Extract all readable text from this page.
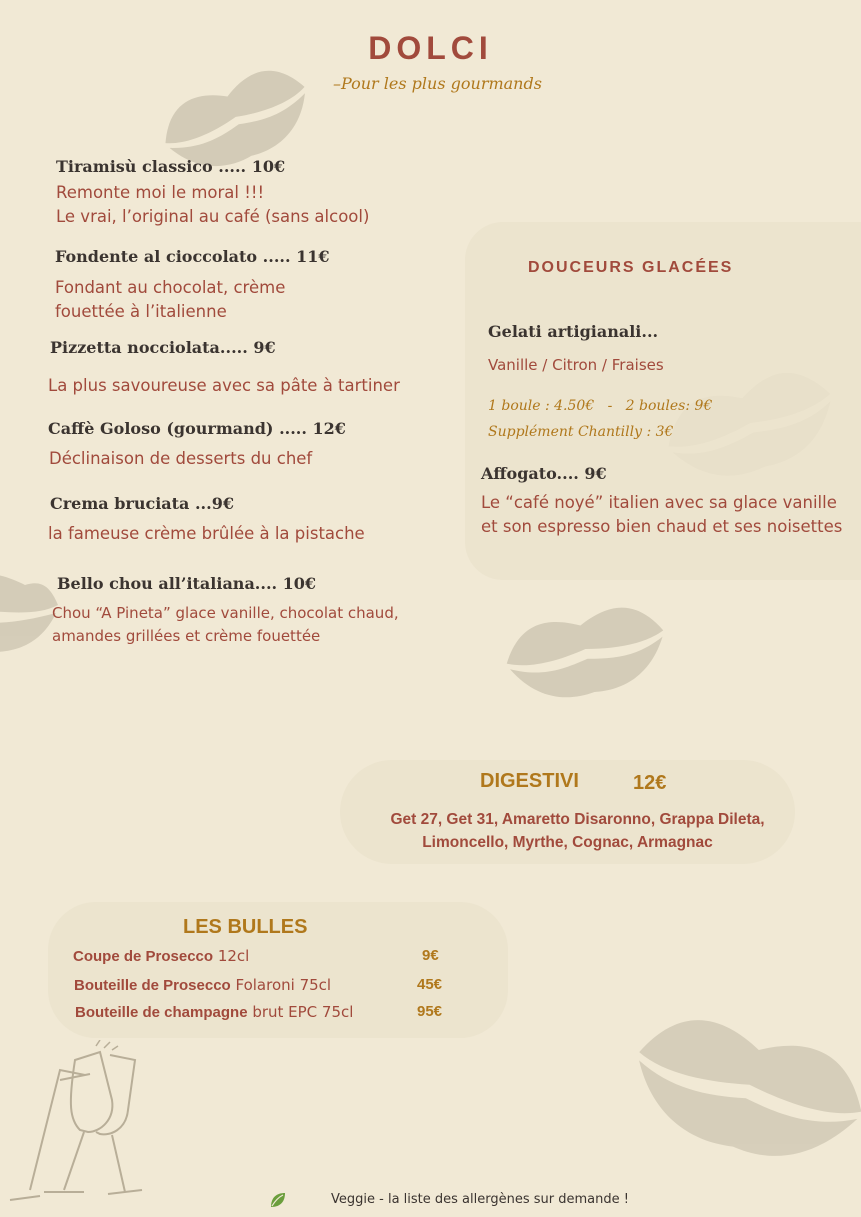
DOLCI
–Pour les plus gourmands
Tiramisù classico ..... 10€
Remonte moi le moral !!!
Le vrai, l’original au café (sans alcool)
Fondente al cioccolato ..... 11€
Fondant au chocolat, crème
fouettée à l’italienne
Pizzetta nocciolata..... 9€
La plus savoureuse avec sa pâte à tartiner
Caffè Goloso (gourmand) ..... 12€
Déclinaison de desserts du chef
Crema bruciata ...9€
la fameuse crème brûlée à la pistache
Bello chou all’italiana.... 10€
Chou “A Pineta” glace vanille, chocolat chaud,
amandes grillées et crème fouettée
DOUCEURS GLACÉES
Gelati artigianali...
Vanille / Citron / Fraises
1 boule : 4.50€   -   2 boules: 9€
Supplément Chantilly : 3€
Affogato.... 9€
Le “café noyé” italien avec sa glace vanille
et son espresso bien chaud et ses noisettes
DIGESTIVI	12€
Get 27, Get 31, Amaretto Disaronno, Grappa Dileta,
Limoncello, Myrthe, Cognac, Armagnac
LES BULLES
Coupe de Prosecco 12cl	9€
Bouteille de Prosecco Folaroni 75cl	45€
Bouteille de champagne brut EPC 75cl	95€
Veggie - la liste des allergènes sur demande !
